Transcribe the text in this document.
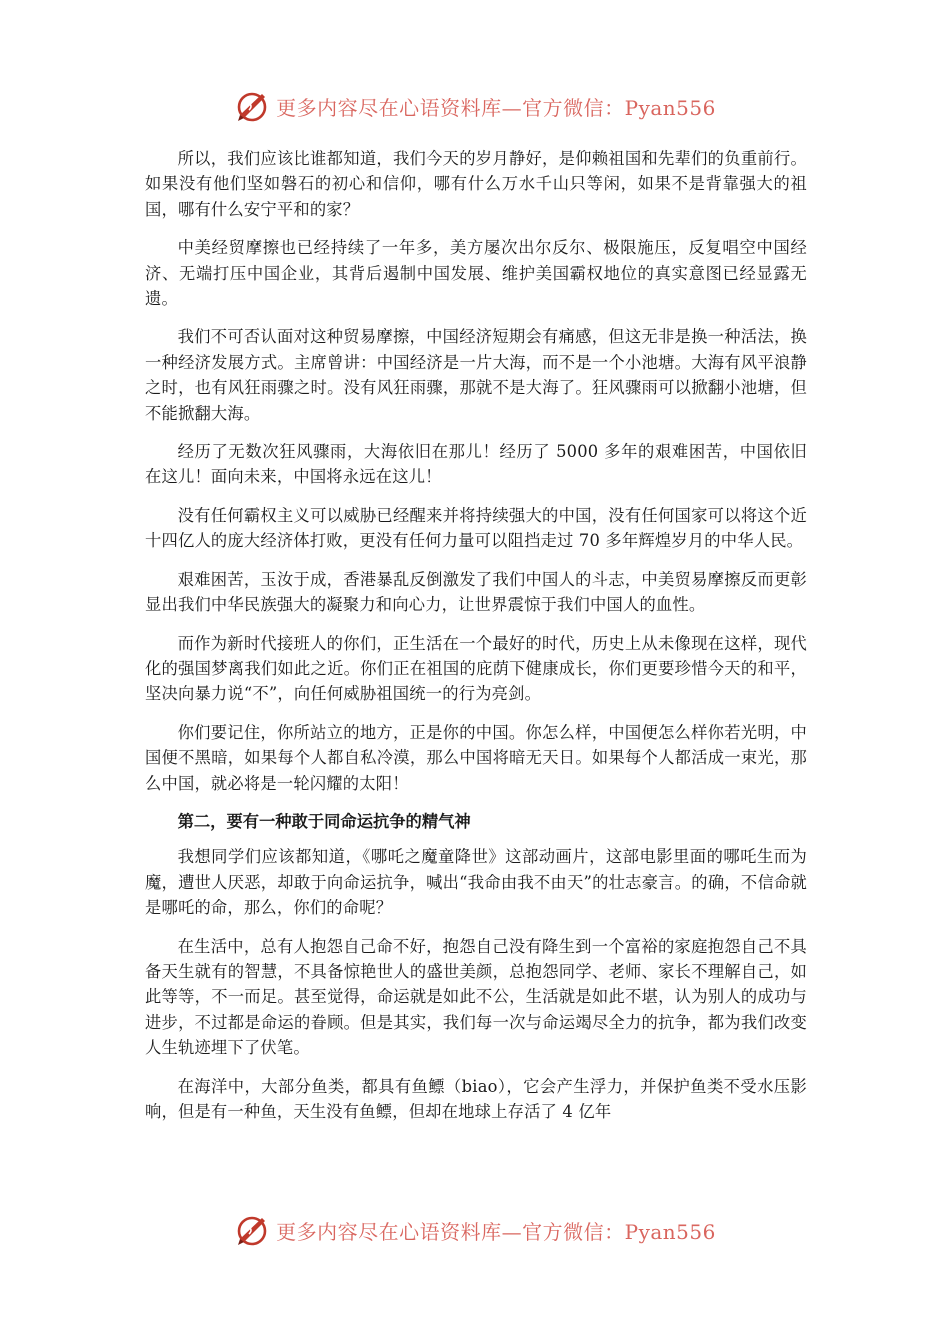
更多内容尽在心语资料库—官方微信：Pyan556

所以，我们应该比谁都知道，我们今天的岁月静好，是仰赖祖国和先辈们的负重前行。如果没有他们坚如磐石的初心和信仰，哪有什么万水千山只等闲，如果不是背靠强大的祖国，哪有什么安宁平和的家？

中美经贸摩擦也已经持续了一年多，美方屡次出尔反尔、极限施压，反复唱空中国经济、无端打压中国企业，其背后遏制中国发展、维护美国霸权地位的真实意图已经显露无遗。

我们不可否认面对这种贸易摩擦，中国经济短期会有痛感，但这无非是换一种活法，换一种经济发展方式。主席曾讲：中国经济是一片大海，而不是一个小池塘。大海有风平浪静之时，也有风狂雨骤之时。没有风狂雨骤，那就不是大海了。狂风骤雨可以掀翻小池塘，但不能掀翻大海。

经历了无数次狂风骤雨，大海依旧在那儿！经历了 5000 多年的艰难困苦，中国依旧在这儿！面向未来，中国将永远在这儿！

没有任何霸权主义可以威胁已经醒来并将持续强大的中国，没有任何国家可以将这个近十四亿人的庞大经济体打败，更没有任何力量可以阻挡走过 70 多年辉煌岁月的中华人民。

艰难困苦，玉汝于成，香港暴乱反倒激发了我们中国人的斗志，中美贸易摩擦反而更彰显出我们中华民族强大的凝聚力和向心力，让世界震惊于我们中国人的血性。

而作为新时代接班人的你们，正生活在一个最好的时代，历史上从未像现在这样，现代化的强国梦离我们如此之近。你们正在祖国的庇荫下健康成长，你们更要珍惜今天的和平，坚决向暴力说“不”，向任何威胁祖国统一的行为亮剑。

你们要记住，你所站立的地方，正是你的中国。你怎么样，中国便怎么样你若光明，中国便不黑暗，如果每个人都自私冷漠，那么中国将暗无天日。如果每个人都活成一束光，那么中国，就必将是一轮闪耀的太阳！

第二，要有一种敢于同命运抗争的精气神

我想同学们应该都知道，《哪吒之魔童降世》这部动画片，这部电影里面的哪吒生而为魔，遭世人厌恶，却敢于向命运抗争，喊出“我命由我不由天”的壮志豪言。的确，不信命就是哪吒的命，那么，你们的命呢？

在生活中，总有人抱怨自己命不好，抱怨自己没有降生到一个富裕的家庭抱怨自己不具备天生就有的智慧，不具备惊艳世人的盛世美颜，总抱怨同学、老师、家长不理解自己，如此等等，不一而足。甚至觉得，命运就是如此不公，生活就是如此不堪，认为别人的成功与进步，不过都是命运的眷顾。但是其实，我们每一次与命运竭尽全力的抗争，都为我们改变人生轨迹埋下了伏笔。

在海洋中，大部分鱼类，都具有鱼鳔（biao），它会产生浮力，并保护鱼类不受水压影响，但是有一种鱼，天生没有鱼鳔，但却在地球上存活了 4 亿年

更多内容尽在心语资料库—官方微信：Pyan556
